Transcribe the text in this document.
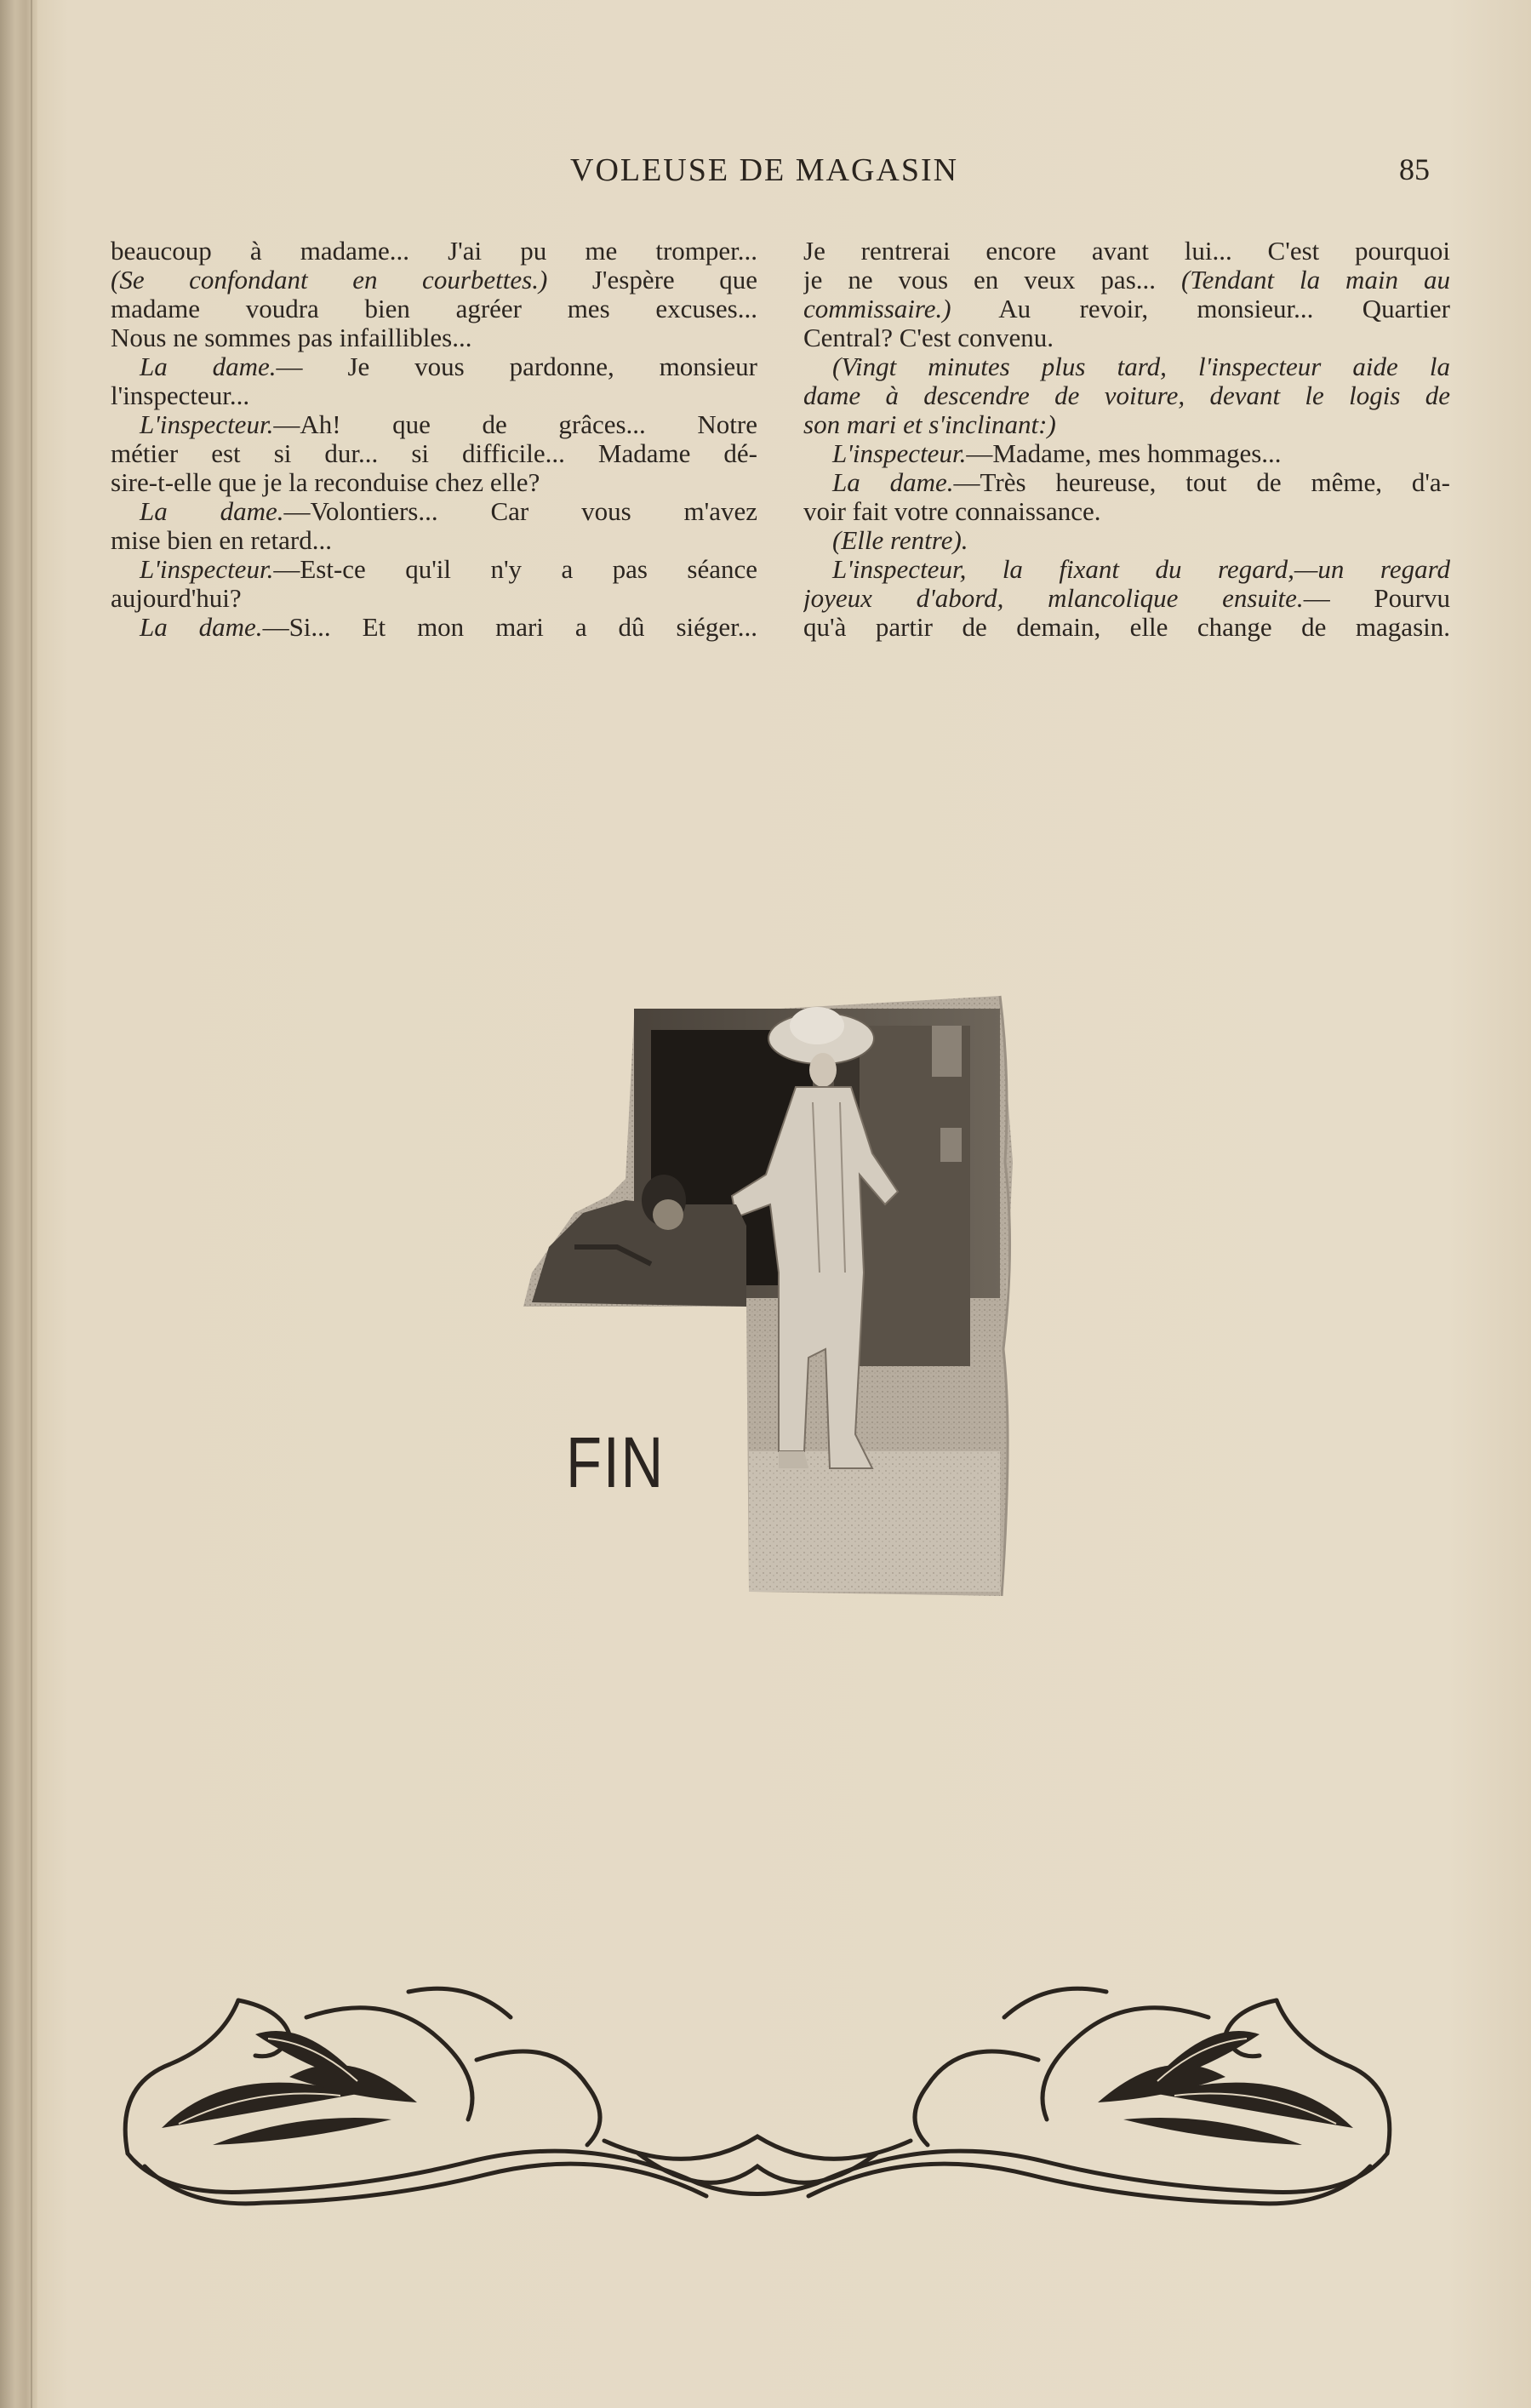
VOLEUSE DE MAGASIN	85
beaucoup à madame... J'ai pu me tromper...
(Se confondant en courbettes.) J'espère que
madame voudra bien agréer mes excuses...
Nous ne sommes pas infaillibles...
La dame.— Je vous pardonne, monsieur
l'inspecteur...
L'inspecteur.—Ah! que de grâces... Notre
métier est si dur... si difficile... Madame dé-
sire-t-elle que je la reconduise chez elle?
La dame.—Volontiers... Car vous m'avez
mise bien en retard...
L'inspecteur.—Est-ce qu'il n'y a pas séance
aujourd'hui?
La dame.—Si... Et mon mari a dû siéger...
Je rentrerai encore avant lui... C'est pourquoi
je ne vous en veux pas... (Tendant la main au
commissaire.) Au revoir, monsieur... Quartier
Central? C'est convenu.
(Vingt minutes plus tard, l'inspecteur aide la
dame à descendre de voiture, devant le logis de
son mari et s'inclinant:)
L'inspecteur.—Madame, mes hommages...
La dame.—Très heureuse, tout de même, d'a-
voir fait votre connaissance.
(Elle rentre).
L'inspecteur, la fixant du regard,—un regard
joyeux d'abord, mlancolique ensuite.— Pourvu
qu'à partir de demain, elle change de magasin.
FIN
